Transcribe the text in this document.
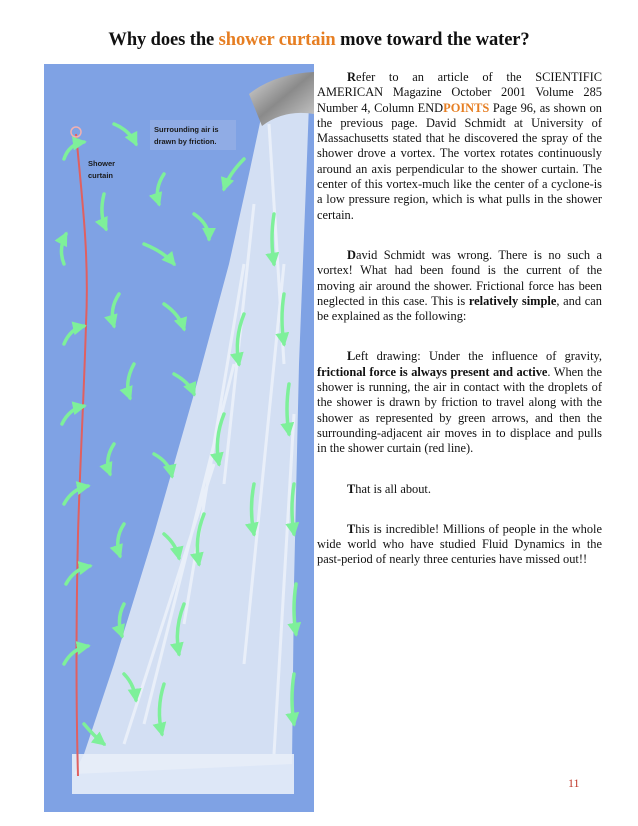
Why does the shower curtain move toward the water?
Surrounding air is
drawn by friction.
Shower
curtain

Refer to an article of the SCIENTIFIC AMERICAN Magazine October 2001 Volume 285 Number 4, Column ENDPOINTS Page 96, as shown on the previous page. David Schmidt at University of Massachusetts stated that he discovered the spray of the shower drove a vortex. The vortex rotates continuously around an axis perpendicular to the shower curtain. The center of this vortex-much like the center of a cyclone-is a low pressure region, which is what pulls in the shower certain.

David Schmidt was wrong. There is no such a vortex! What had been found is the current of the moving air around the shower. Frictional force has been neglected in this case. This is relatively simple, and can be explained as the following:

Left drawing: Under the influence of gravity, frictional force is always present and active. When the shower is running, the air in contact with the droplets of the shower is drawn by friction to travel along with the shower as represented by green arrows, and then the surrounding-adjacent air moves in to displace and pulls in the shower curtain (red line).

That is all about.

This is incredible! Millions of people in the whole wide world who have studied Fluid Dynamics in the past-period of nearly three centuries have missed out!!

11
